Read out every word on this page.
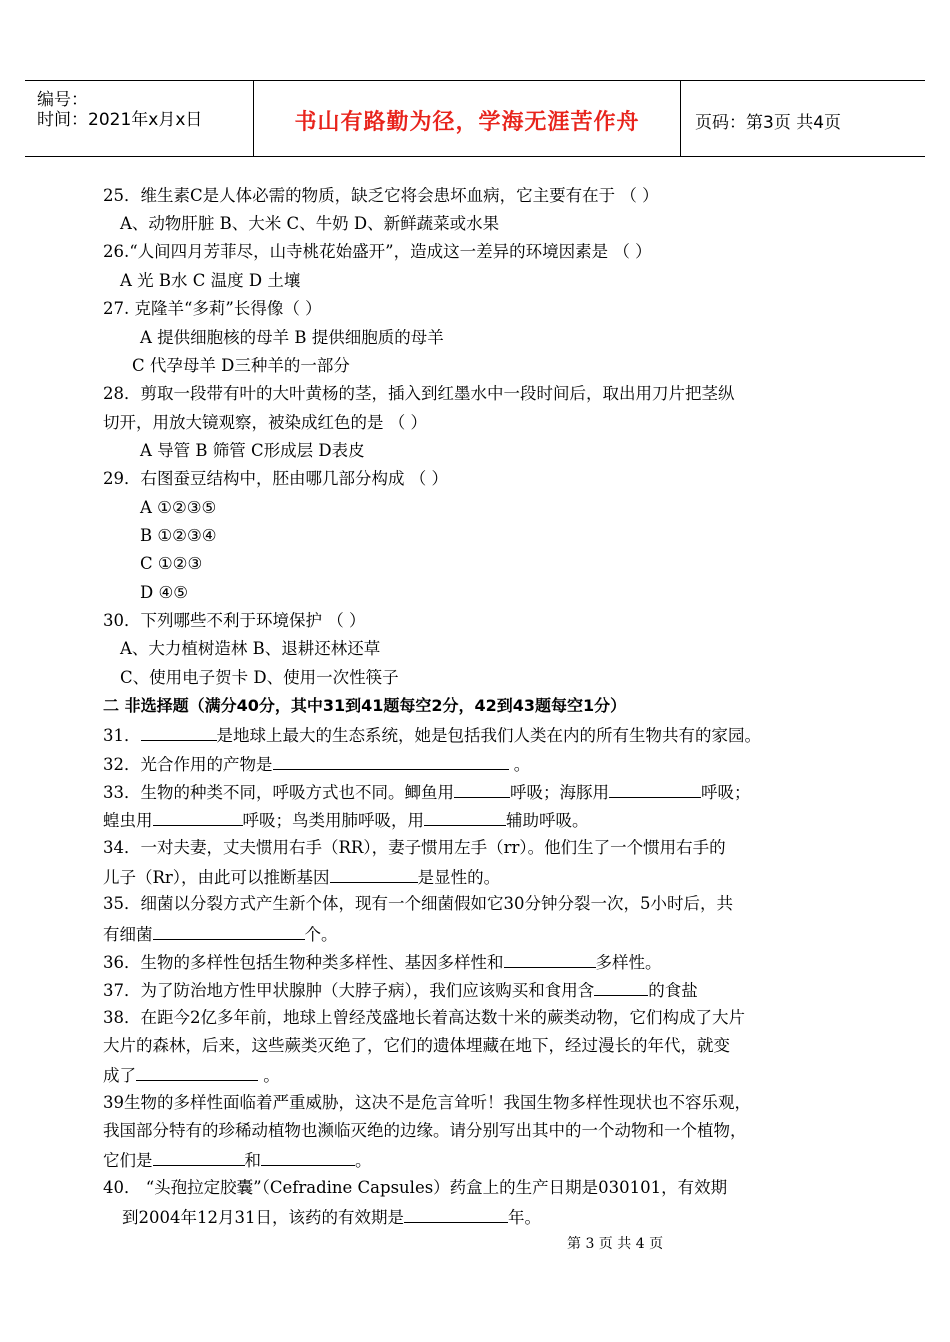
编号：
时间：2021年x月x日	书山有路勤为径，学海无涯苦作舟	页码：第3页 共4页
25．维生素C是人体必需的物质，缺乏它将会患坏血病，它主要有在于 （ ）
A、动物肝脏 B、大米 C、牛奶 D、新鲜蔬菜或水果
26.“人间四月芳菲尽，山寺桃花始盛开”，造成这一差异的环境因素是 （ ）
A 光 B水 C 温度 D 土壤
27. 克隆羊“多莉”长得像（ ）
A 提供细胞核的母羊 B 提供细胞质的母羊
C 代孕母羊 D三种羊的一部分
28．剪取一段带有叶的大叶黄杨的茎，插入到红墨水中一段时间后，取出用刀片把茎纵
切开，用放大镜观察，被染成红色的是 （ ）
A 导管 B 筛管 C形成层 D表皮
29．右图蚕豆结构中，胚由哪几部分构成 （ ）
A ①②③⑤
B ①②③④
C ①②③
D ④⑤
30．下列哪些不利于环境保护 （ ）
A、大力植树造林 B、退耕还林还草
C、使用电子贺卡 D、使用一次性筷子
二 非选择题（满分40分，其中31到41题每空2分，42到43题每空1分）
31．	是地球上最大的生态系统，她是包括我们人类在内的所有生物共有的家园。
32．光合作用的产物是	。
33．生物的种类不同，呼吸方式也不同。鲫鱼用	呼吸；海豚用	呼吸；
蝗虫用	呼吸；鸟类用肺呼吸，用	辅助呼吸。
34．一对夫妻，丈夫惯用右手（RR），妻子惯用左手（rr）。他们生了一个惯用右手的
儿子（Rr），由此可以推断基因	是显性的。
35．细菌以分裂方式产生新个体，现有一个细菌假如它30分钟分裂一次，5小时后，共
有细菌	个。
36．生物的多样性包括生物种类多样性、基因多样性和	多样性。
37．为了防治地方性甲状腺肿（大脖子病），我们应该购买和食用含	的食盐
38．在距今2亿多年前，地球上曾经茂盛地长着高达数十米的蕨类动物，它们构成了大片
大片的森林，后来，这些蕨类灭绝了，它们的遗体埋藏在地下，经过漫长的年代，就变
成了	。
39生物的多样性面临着严重威胁，这决不是危言耸听！我国生物多样性现状也不容乐观，
我国部分特有的珍稀动植物也濒临灭绝的边缘。请分别写出其中的一个动物和一个植物，
它们是	和	。
40． “头孢拉定胶囊”（Cefradine Capsules）药盒上的生产日期是030101，有效期
到2004年12月31日，该药的有效期是	年。
第 3 页 共 4 页
